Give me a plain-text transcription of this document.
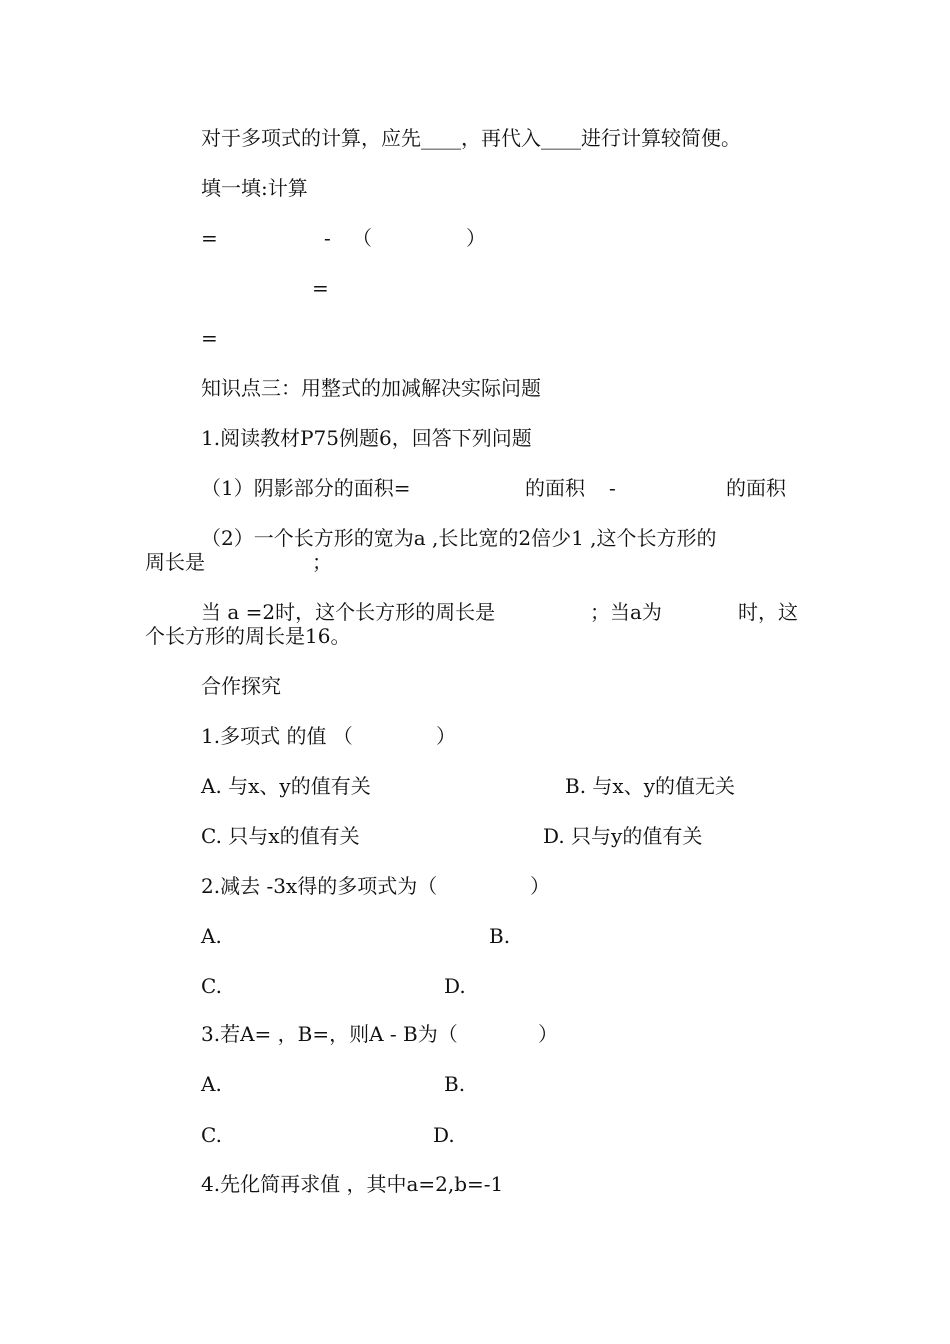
对于多项式的计算，应先____，再代入____进行计算较简便。
填一填:计算
=	- （	）
=
=
知识点三：用整式的加减解决实际问题
1.阅读教材P75例题6，回答下列问题
（1）阴影部分的面积=	的面积 -	的面积
（2）一个长方形的宽为a ,长比宽的2倍少1 ,这个长方形的
周长是	；
当 a =2时，这个长方形的周长是	；当a为	时，这
个长方形的周长是16。
合作探究
1.多项式 的值 （	）
A. 与x、y的值有关	B. 与x、y的值无关
C. 只与x的值有关	D. 只与y的值有关
2.减去 -3x得的多项式为（	）
A.	B.
C.	D.
3.若A= ，B=，则A - B为（	）
A.	B.
C.	D.
4.先化简再求值 ，其中a=2,b=-1
